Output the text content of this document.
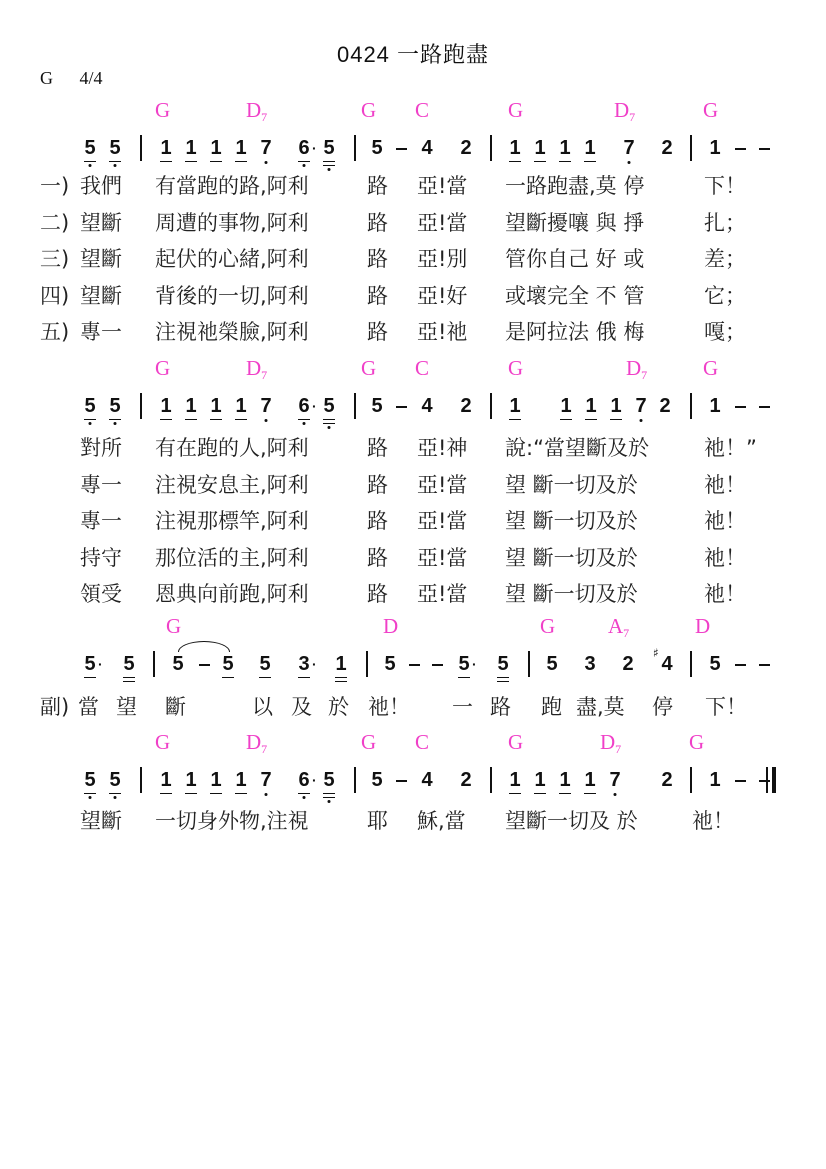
0424 一路跑盡
G 4/4
G	$D_7$	G C	G	$D_7$	G
5 5 1 1 1 1 7 6 · 5 5 4 2 1 1 1 1 7 2 1
一) 我們 有當跑的路,阿利	路 亞!當 一路跑盡,莫 停	下！
二) 望斷 周遭的事物,阿利	路 亞!當 望斷擾嚷 與 掙	扎；
三) 望斷 起伏的心緒,阿利	路 亞!別 管你自己 好 或	差；
四) 望斷 背後的一切,阿利	路 亞!好 或壞完全 不 管	它；
五) 專一 注視祂榮臉,阿利	路 亞!祂 是阿拉法 俄 梅	嘎；
G	$D_7$	G C	G	$D_7$	G
5 5 1 1 1 1 7 6 · 5 5 4 2 1 1 1 1 7 2 1
對所 有在跑的人,阿利	路 亞!神 說:“當望斷及於	祂！”
專一 注視安息主,阿利	路 亞!當 望 斷一切及於	祂！
專一 注視那標竿,阿利	路 亞!當 望 斷一切及於	祂！
持守 那位活的主,阿利	路 亞!當 望 斷一切及於	祂！
領受 恩典向前跑,阿利	路 亞!當 望 斷一切及於	祂！
G	D	G	$A_7$	D
5 · 5 5 5 5 3 · 1 5	5 · 5 5 3 2 ♯ 4 5
副) 當 望 斷	以 及 於 祂！ 一 路 跑 盡,莫 停 下！
G	$D_7$	G C	G	$D_7$	G
5 5 1 1 1 1 7 6 · 5 5 4 2 1 1 1 1 7 2 1
望斷 一切身外物,注視	耶 穌,當 望斷一切及 於	祂！
